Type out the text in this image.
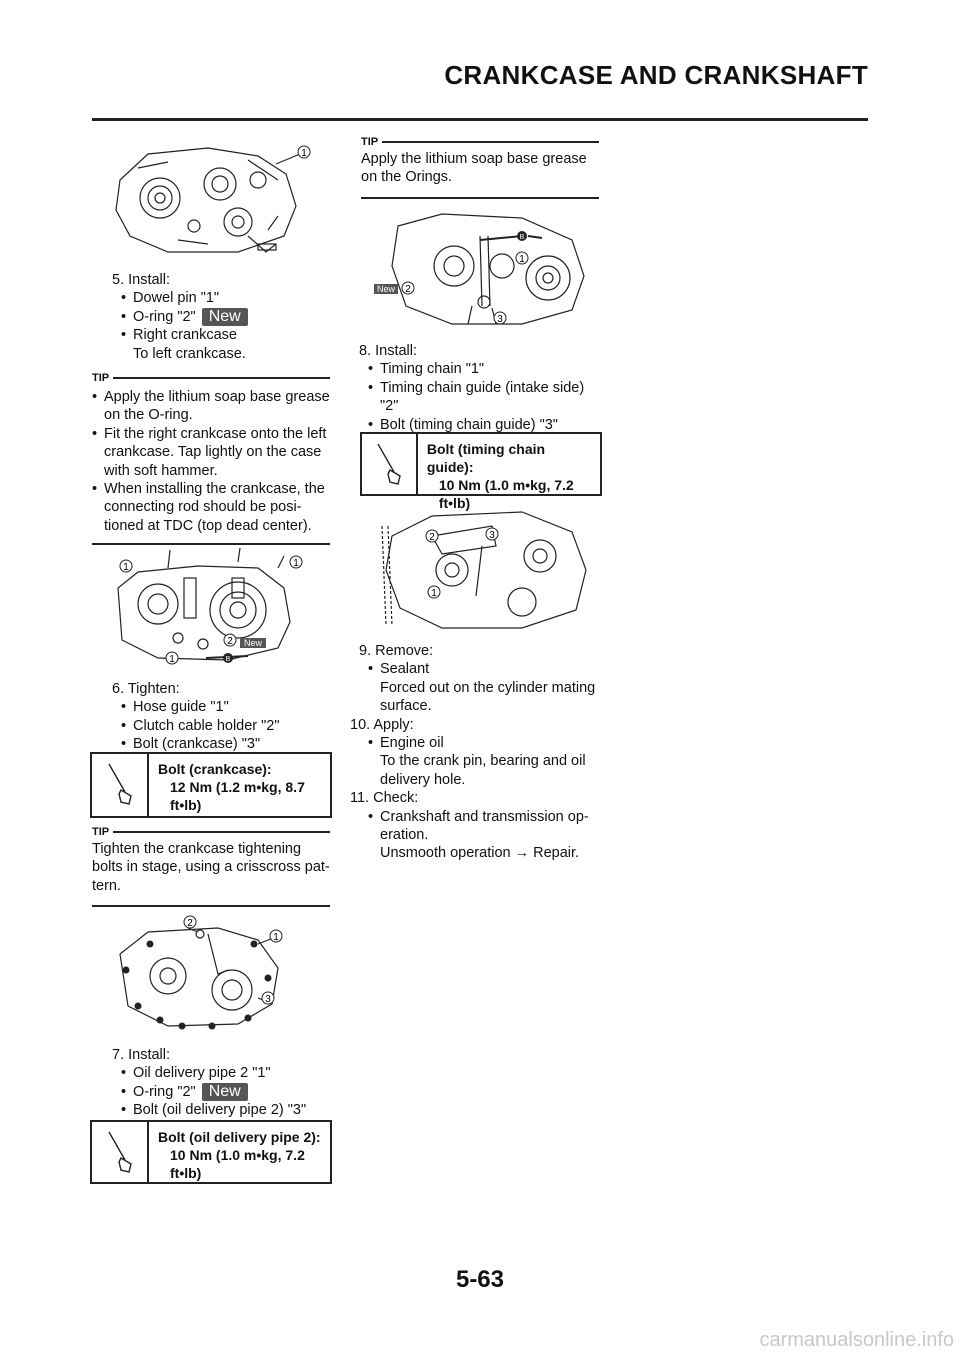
CRANKCASE AND CRANKSHAFT
1

5. Install:

• Dowel pin "1"

• O-ring "2" New

• Right crankcase

To left crankcase.

TIP

• Apply the lithium soap base grease on the O-ring.

• Fit the right crankcase onto the left crankcase. Tap lightly on the case with soft hammer.

• When installing the crankcase, the connecting rod should be posi-tioned at TDC (top dead center).

1	1
2 New
1	B

6. Tighten:

• Hose guide "1"

• Clutch cable holder "2"

• Bolt (crankcase) "3"

Bolt (crankcase):
12 Nm (1.2 m•kg, 8.7
ft•lb)
TIP
Tighten the crankcase tightening bolts in stage, using a crisscross pat-tern.
2
1
3

7. Install:

• Oil delivery pipe 2 "1"

• O-ring "2" New

• Bolt (oil delivery pipe 2) "3"

Bolt (oil delivery pipe 2):
10 Nm (1.0 m•kg, 7.2
ft•lb)
TIP
Apply the lithium soap base grease on the Orings.
B
1
New 2
3

8. Install:

• Timing chain "1"

• Timing chain guide (intake side) "2"

• Bolt (timing chain guide) "3"

Bolt (timing chain guide):
10 Nm (1.0 m•kg, 7.2
ft•lb)
2	3
1

9. Remove:

• Sealant

Forced out on the cylinder mating surface.

10. Apply:

• Engine oil

To the crank pin, bearing and oil delivery hole.

11. Check:

• Crankshaft and transmission op-eration.

Unsmooth operation → Repair.

5-63
carmanualsonline.info
